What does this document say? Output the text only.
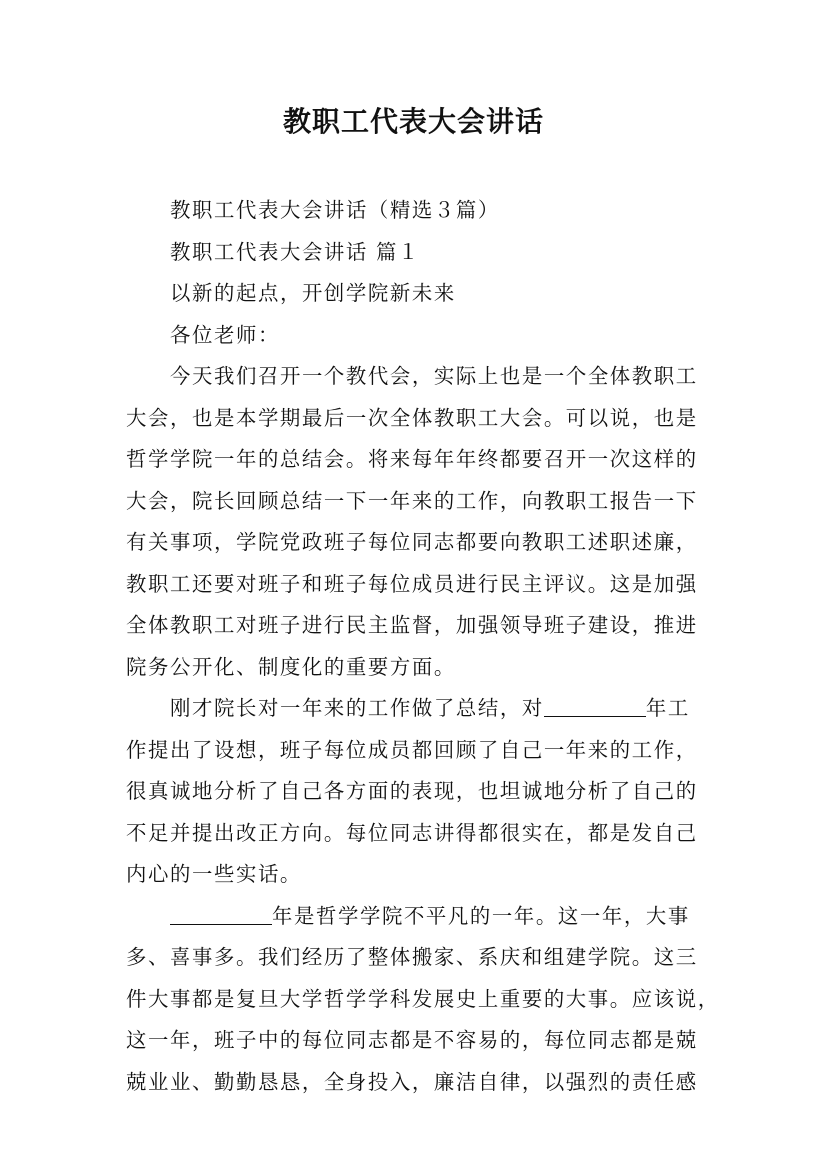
教职工代表大会讲话
教职工代表大会讲话（精选３篇）
教职工代表大会讲话 篇１
以新的起点，开创学院新未来
各位老师：
今天我们召开一个教代会，实际上也是一个全体教职工
大会，也是本学期最后一次全体教职工大会。可以说，也是
哲学学院一年的总结会。将来每年年终都要召开一次这样的
大会，院长回顾总结一下一年来的工作，向教职工报告一下
有关事项，学院党政班子每位同志都要向教职工述职述廉，
教职工还要对班子和班子每位成员进行民主评议。这是加强
全体教职工对班子进行民主监督，加强领导班子建设，推进
院务公开化、制度化的重要方面。
刚才院长对一年来的工作做了总结，对	年工
作提出了设想，班子每位成员都回顾了自己一年来的工作，
很真诚地分析了自己各方面的表现，也坦诚地分析了自己的
不足并提出改正方向。每位同志讲得都很实在，都是发自己
内心的一些实话。
年是哲学学院不平凡的一年。这一年，大事
多、喜事多。我们经历了整体搬家、系庆和组建学院。这三
件大事都是复旦大学哲学学科发展史上重要的大事。应该说，
这一年，班子中的每位同志都是不容易的，每位同志都是兢
兢业业、勤勤恳恳，全身投入，廉洁自律，以强烈的责任感
